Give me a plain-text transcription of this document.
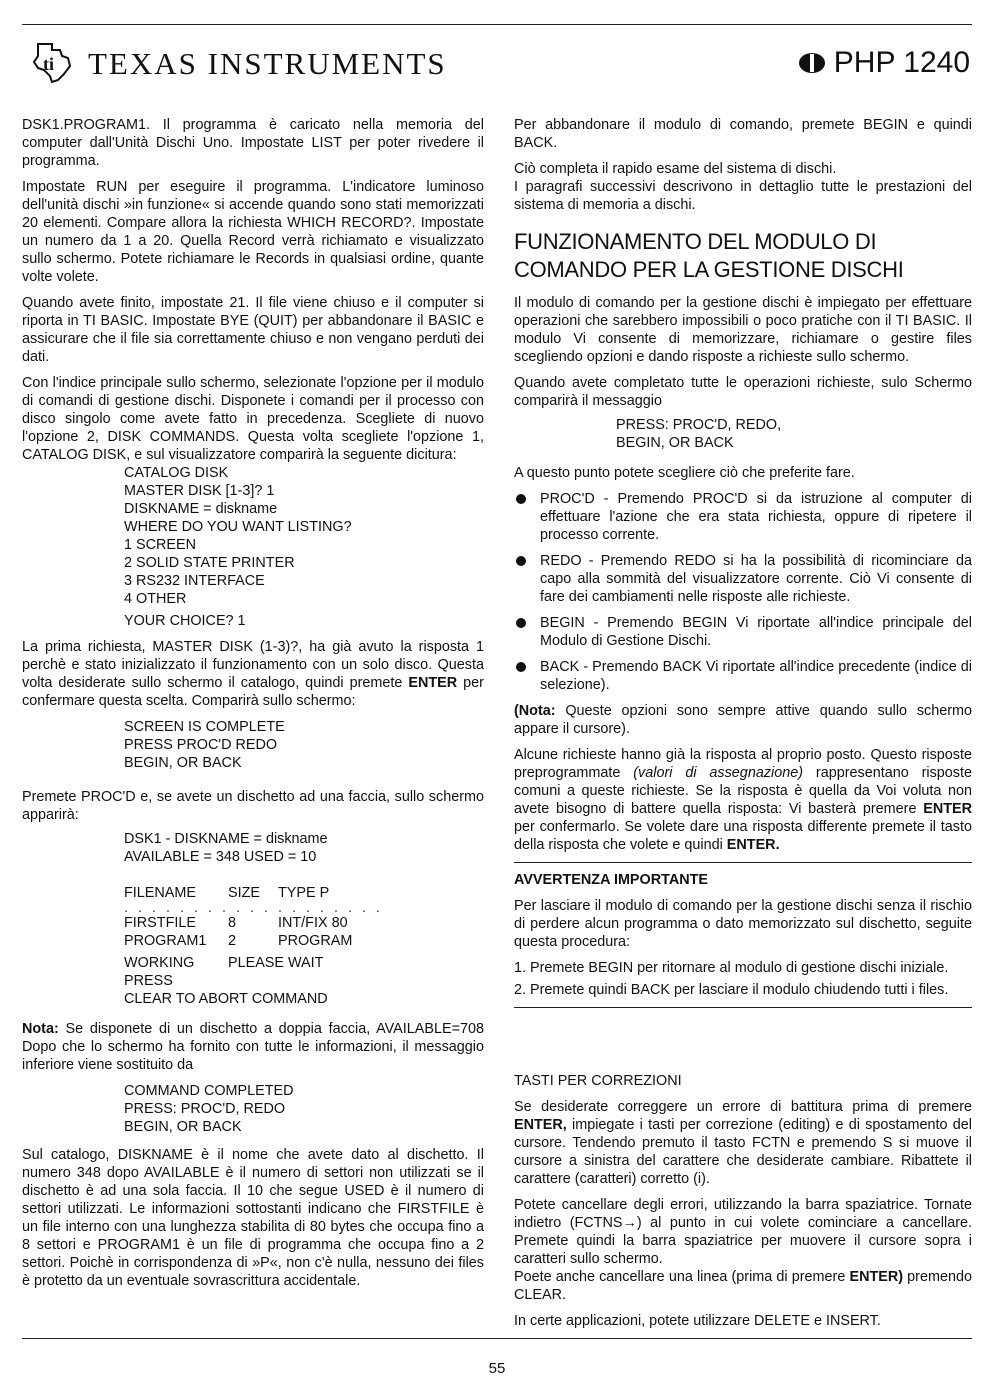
ti TEXAS INSTRUMENTS	PHP 1240

DSK1.PROGRAM1. Il programma è caricato nella memoria del computer dall'Unità Dischi Uno. Impostate LIST per poter rivedere il programma.

Impostate RUN per eseguire il programma. L'indicatore luminoso dell'unità dischi »in funzione« si accende quando sono stati memorizzati 20 elementi. Compare allora la richiesta WHICH RECORD?. Impostate un numero da 1 a 20. Quella Record verrà richiamato e visualizzato sullo schermo. Potete richiamare le Records in qualsiasi ordine, quante volte volete.

Quando avete finito, impostate 21. Il file viene chiuso e il computer si riporta in TI BASIC. Impostate BYE (QUIT) per abbandonare il BASIC e assicurare che il file sia correttamente chiuso e non vengano perduti dei dati.

Con l'indice principale sullo schermo, selezionate l'opzione per il modulo di comandi di gestione dischi. Disponete i comandi per il processo con disco singolo come avete fatto in precedenza. Scegliete di nuovo l'opzione 2, DISK COMMANDS. Questa volta scegliete l'opzione 1, CATALOG DISK, e sul visualizzatore comparirà la seguente dicitura:

CATALOG DISK
MASTER DISK [1-3]? 1
DISKNAME = diskname
WHERE DO YOU WANT LISTING?
1 SCREEN
2 SOLID STATE PRINTER
3 RS232 INTERFACE
4 OTHER
YOUR CHOICE? 1

La prima richiesta, MASTER DISK (1-3)?, ha già avuto la risposta 1 perchè e stato inizializzato il funzionamento con un solo disco. Questa volta desiderate sullo schermo il catalogo, quindi premete ENTER per confermare questa scelta. Comparirà sullo schermo:

SCREEN IS COMPLETE
PRESS PROC'D REDO
BEGIN, OR BACK

Premete PROC'D e, se avete un dischetto ad una faccia, sullo schermo apparirà:

DSK1 - DISKNAME = diskname
AVAILABLE = 348 USED = 10
FILENAME	SIZE	TYPE P
. . . . . . . . . . . . . . . . . . .
FIRSTFILE	8	INT/FIX 80
PROGRAM1	2	PROGRAM
WORKING	PLEASE WAIT
PRESS
CLEAR TO ABORT COMMAND

Nota: Se disponete di un dischetto a doppia faccia, AVAILABLE=708 Dopo che lo schermo ha fornito con tutte le informazioni, il messaggio inferiore viene sostituito da

COMMAND COMPLETED
PRESS: PROC'D, REDO
BEGIN, OR BACK

Sul catalogo, DISKNAME è il nome che avete dato al dischetto. Il numero 348 dopo AVAILABLE è il numero di settori non utilizzati se il dischetto è ad una sola faccia. Il 10 che segue USED è il numero di settori utilizzati. Le informazioni sottostanti indicano che FIRSTFILE è un file interno con una lunghezza stabilita di 80 bytes che occupa fino a 8 settori e PROGRAM1 è un file di programma che occupa fino a 2 settori. Poichè in corrispondenza di »P«, non c'è nulla, nessuno dei files è protetto da un eventuale sovrascrittura accidentale.

Per abbandonare il modulo di comando, premete BEGIN e quindi BACK.

Ciò completa il rapido esame del sistema di dischi.

I paragrafi successivi descrivono in dettaglio tutte le prestazioni del sistema di memoria a dischi.

FUNZIONAMENTO DEL MODULO DI COMANDO PER LA GESTIONE DISCHI

Il modulo di comando per la gestione dischi è impiegato per effettuare operazioni che sarebbero impossibili o poco pratiche con il TI BASIC. Il modulo Vi consente di memorizzare, richiamare o gestire files scegliendo opzioni e dando risposte a richieste sullo schermo.

Quando avete completato tutte le operazioni richieste, sulo Schermo comparirà il messaggio

PRESS: PROC'D, REDO,
BEGIN, OR BACK

A questo punto potete scegliere ciò che preferite fare.

PROC'D - Premendo PROC'D si da istruzione al computer di effettuare l'azione che era stata richiesta, oppure di ripetere il processo corrente.
REDO - Premendo REDO si ha la possibilità di ricominciare da capo alla sommità del visualizzatore corrente. Ciò Vi consente di fare dei cambiamenti nelle risposte alle richieste.
BEGIN - Premendo BEGIN Vi riportate all'indice principale del Modulo di Gestione Dischi.
BACK - Premendo BACK Vi riportate all'indice precedente (indice di selezione).

(Nota: Queste opzioni sono sempre attive quando sullo schermo appare il cursore).

Alcune richieste hanno già la risposta al proprio posto. Questo risposte preprogrammate (valori di assegnazione) rappresentano risposte comuni a queste richieste. Se la risposta è quella da Voi voluta non avete bisogno di battere quella risposta: Vi basterà premere ENTER per confermarlo. Se volete dare una risposta differente premete il tasto della risposta che volete e quindi ENTER.

AVVERTENZA IMPORTANTE

Per lasciare il modulo di comando per la gestione dischi senza il rischio di perdere alcun programma o dato memorizzato sul dischetto, seguite questa procedura:

1. Premete BEGIN per ritornare al modulo di gestione dischi iniziale.

2. Premete quindi BACK per lasciare il modulo chiudendo tutti i files.

TASTI PER CORREZIONI

Se desiderate correggere un errore di battitura prima di premere ENTER, impiegate i tasti per correzione (editing) e di spostamento del cursore. Tendendo premuto il tasto FCTN e premendo S si muove il cursore a sinistra del carattere che desiderate cambiare. Ribattete il carattere (caratteri) corretto (i).

Potete cancellare degli errori, utilizzando la barra spaziatrice. Tornate indietro (FCTNS→) al punto in cui volete cominciare a cancellare. Premete quindi la barra spaziatrice per muovere il cursore sopra i caratteri sullo schermo.

Poete anche cancellare una linea (prima di premere ENTER) premendo CLEAR.

In certe applicazioni, potete utilizzare DELETE e INSERT.

55
